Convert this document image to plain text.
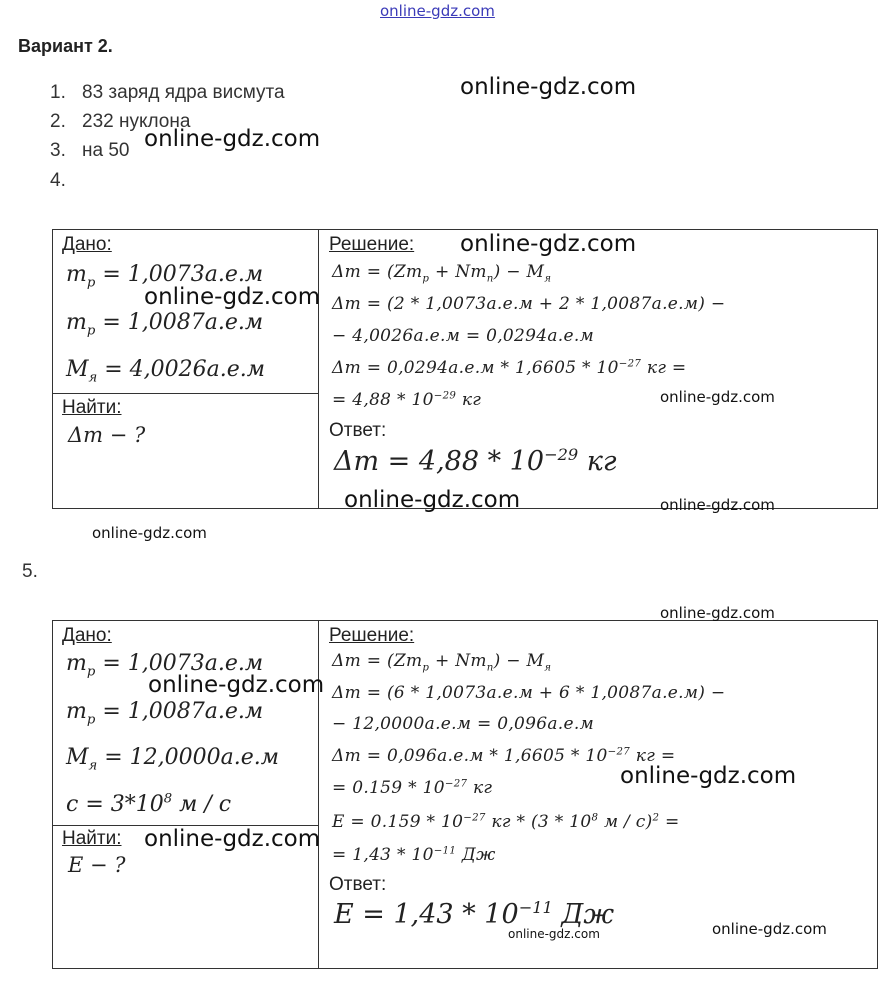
online-gdz.com
Вариант 2.
1. 83 заряд ядра висмута
2. 232 нуклона
3. на 50
4.
Дано:
$m_p = 1,0073а.е.м$
$m_p = 1,0087а.е.м$
$M_я = 4,0026а.е.м$
Найти:
Δm − ?
Решение:
$\Delta m = (Zm_p + Nm_n) - M_я$
Δm = (2 * 1,0073а.е.м + 2 * 1,0087а.е.м) −
− 4,0026а.е.м = 0,0294а.е.м
$\Delta m = 0,0294а.е.м * 1,6605 * 10^{-27}$ кг =
= $4,88 * 10^{-29}$ кг
Ответ:
$\Delta m = 4,88 * 10^{-29}$ кг
5.
Дано:
$m_p = 1,0073а.е.м$
$m_p = 1,0087а.е.м$
$M_я = 12,0000а.е.м$
$c = 3*10^8$ м / с
Найти:
E − ?
Решение:
$\Delta m = (Zm_p + Nm_n) - M_я$
Δm = (6 * 1,0073а.е.м + 6 * 1,0087а.е.м) −
− 12,0000а.е.м = 0,096а.е.м
$\Delta m = 0,096а.е.м * 1,6605 * 10^{-27}$ кг =
= $0.159 * 10^{-27}$ кг
$E = 0.159 * 10^{-27}$ кг * ($3 * 10^8$ м / с)$^2$ =
= $1,43 * 10^{-11}$ Дж
Ответ:
$E = 1,43 * 10^{-11}$ Дж
online-gdz.com
online-gdz.com
online-gdz.com
online-gdz.com
online-gdz.com
online-gdz.com	online-gdz.com
online-gdz.com
online-gdz.com
online-gdz.com
online-gdz.com
online-gdz.com
online-gdz.com
online-gdz.com
